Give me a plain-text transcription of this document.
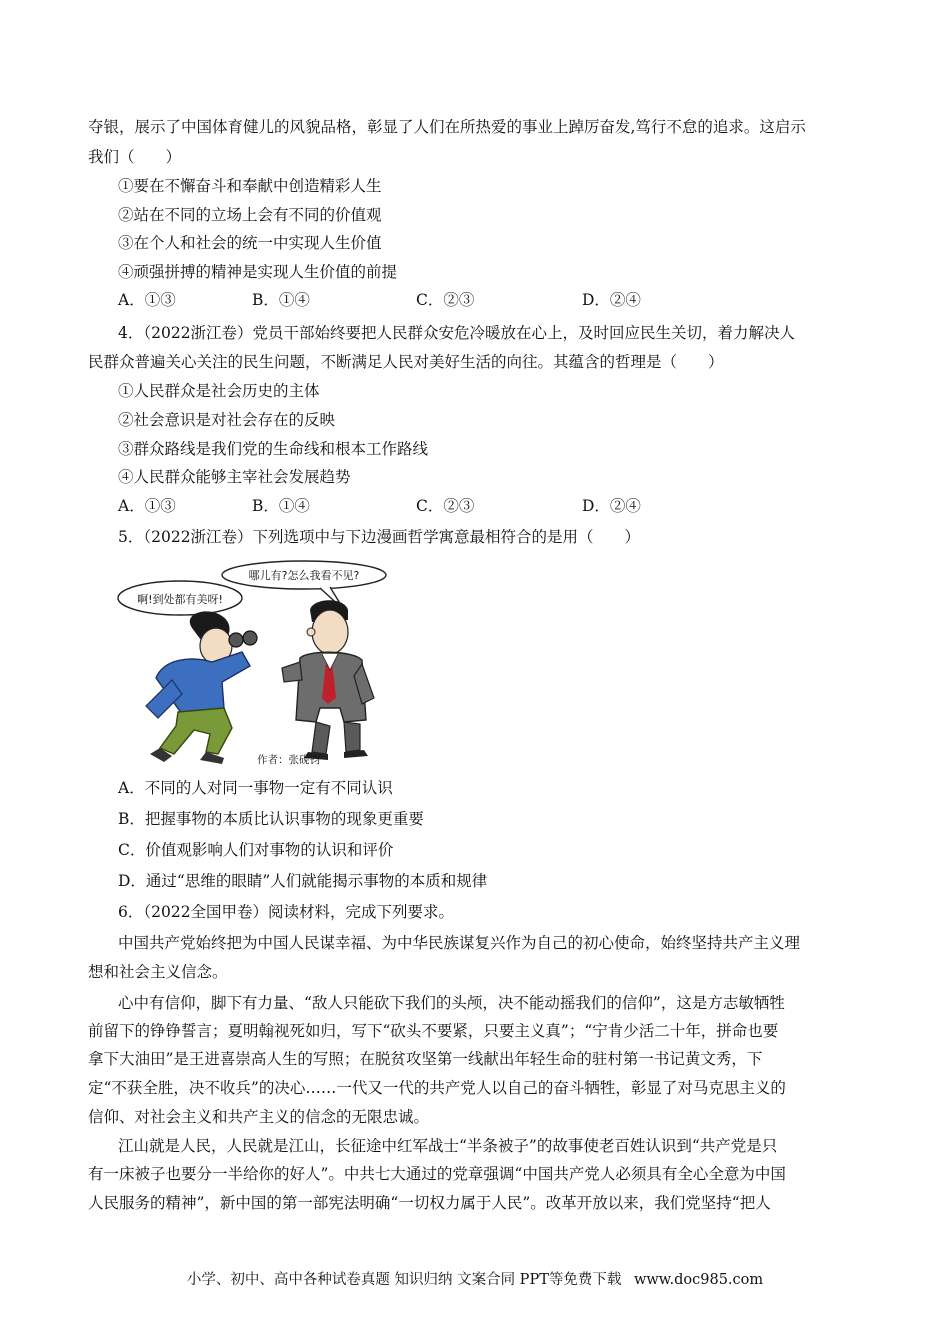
夺银，展示了中国体育健儿的风貌品格，彰显了人们在所热爱的事业上踔厉奋发,笃行不怠的追求。这启示
我们（　　）
①要在不懈奋斗和奉献中创造精彩人生
②站在不同的立场上会有不同的价值观
③在个人和社会的统一中实现人生价值
④顽强拼搏的精神是实现人生价值的前提
A．①③	B．①④	C．②③	D．②④
4．（2022浙江卷）党员干部始终要把人民群众安危冷暖放在心上，及时回应民生关切，着力解决人
民群众普遍关心关注的民生问题，不断满足人民对美好生活的向往。其蕴含的哲理是（　　）
①人民群众是社会历史的主体
②社会意识是对社会存在的反映
③群众路线是我们党的生命线和根本工作路线
④人民群众能够主宰社会发展趋势
A．①③	B．①④	C．②③	D．②④
5．（2022浙江卷）下列选项中与下边漫画哲学寓意最相符合的是用（　　）
啊!到处都有美呀!
哪儿有?怎么我看不见?
作者：张砚钧
A．不同的人对同一事物一定有不同认识
B．把握事物的本质比认识事物的现象更重要
C．价值观影响人们对事物的认识和评价
D．通过“思维的眼睛”人们就能揭示事物的本质和规律
6．（2022全国甲卷）阅读材料，完成下列要求。
中国共产党始终把为中国人民谋幸福、为中华民族谋复兴作为自己的初心使命，始终坚持共产主义理
想和社会主义信念。
心中有信仰，脚下有力量、“敌人只能砍下我们的头颅，决不能动摇我们的信仰”，这是方志敏牺牲
前留下的铮铮誓言；夏明翰视死如归，写下“砍头不要紧，只要主义真”；“宁肯少活二十年，拼命也要
拿下大油田”是王进喜崇高人生的写照；在脱贫攻坚第一线献出年轻生命的驻村第一书记黄文秀，下
定“不获全胜，决不收兵”的决心……一代又一代的共产党人以自己的奋斗牺牲，彰显了对马克思主义的
信仰、对社会主义和共产主义的信念的无限忠诚。
江山就是人民，人民就是江山，长征途中红军战士“半条被子”的故事使老百姓认识到“共产党是只
有一床被子也要分一半给你的好人”。中共七大通过的党章强调“中国共产党人必须具有全心全意为中国
人民服务的精神”，新中国的第一部宪法明确“一切权力属于人民”。改革开放以来，我们党坚持“把人
小学、初中、高中各种试卷真题 知识归纳 文案合同 PPT等免费下载 www.doc985.com
